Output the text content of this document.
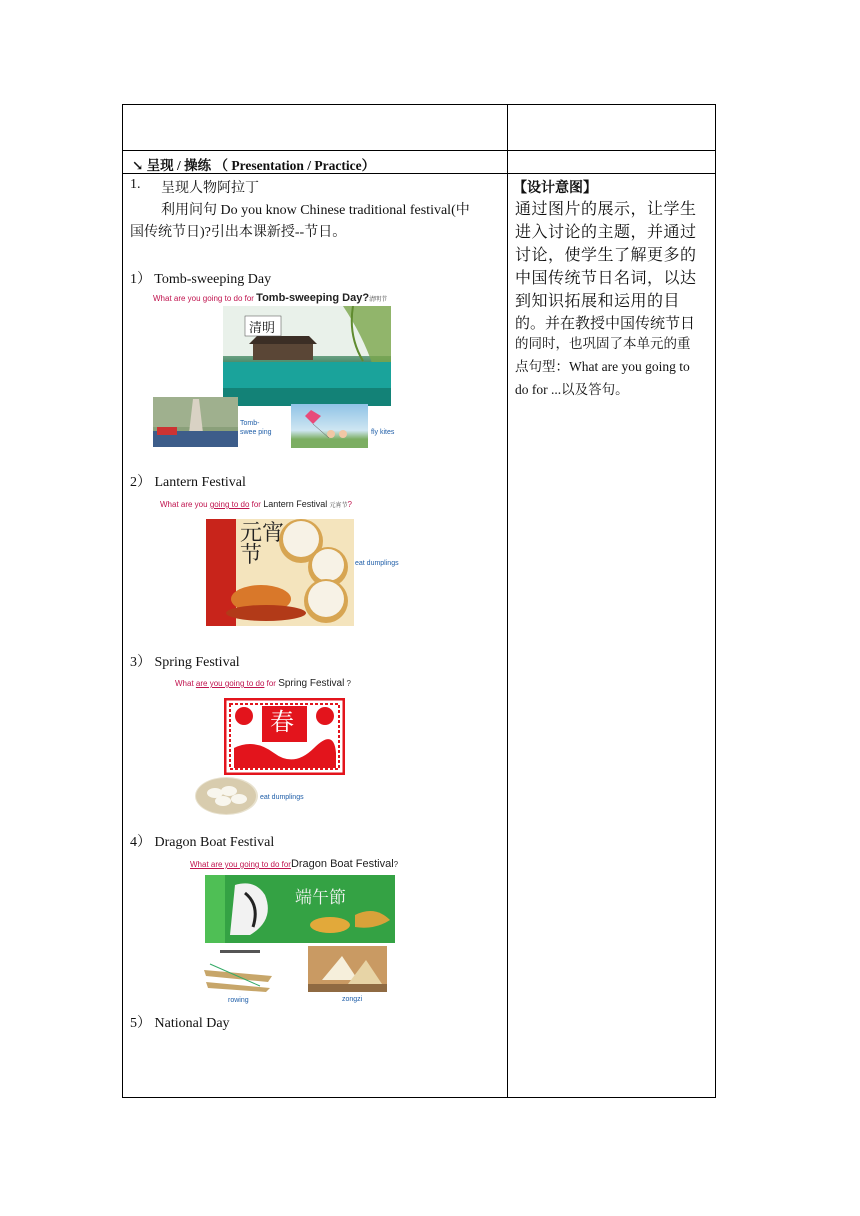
↘ 呈现 / 操练 （ Presentation / Practice）
1. 呈现人物阿拉丁
利用问句 Do you know Chinese traditional festival(中
国传统节日)?引出本课新授--节日。
1） Tomb-sweeping Day
What are you going to do for Tomb-sweeping Day?清明节
清明
Tomb-
swee ping	fly kites
2） Lantern Festival
What are you going to do for Lantern Festival 元宵节?
元宵节	eat dumplings
3） Spring Festival
What are you going to do for Spring Festival ?
春
eat dumplings
4） Dragon Boat Festival
What are you going to do forDragon Boat Festival?
端午節
rowing	zongzi
5） National Day
【设计意图】
通过图片的展示，让学生
进入讨论的主题，并通过
讨论，使学生了解更多的
中国传统节日名词，以达
到知识拓展和运用的目
的。并在教授中国传统节日
的同时，也巩固了本单元的重
点句型：What are you going to
do for ...以及答句。
